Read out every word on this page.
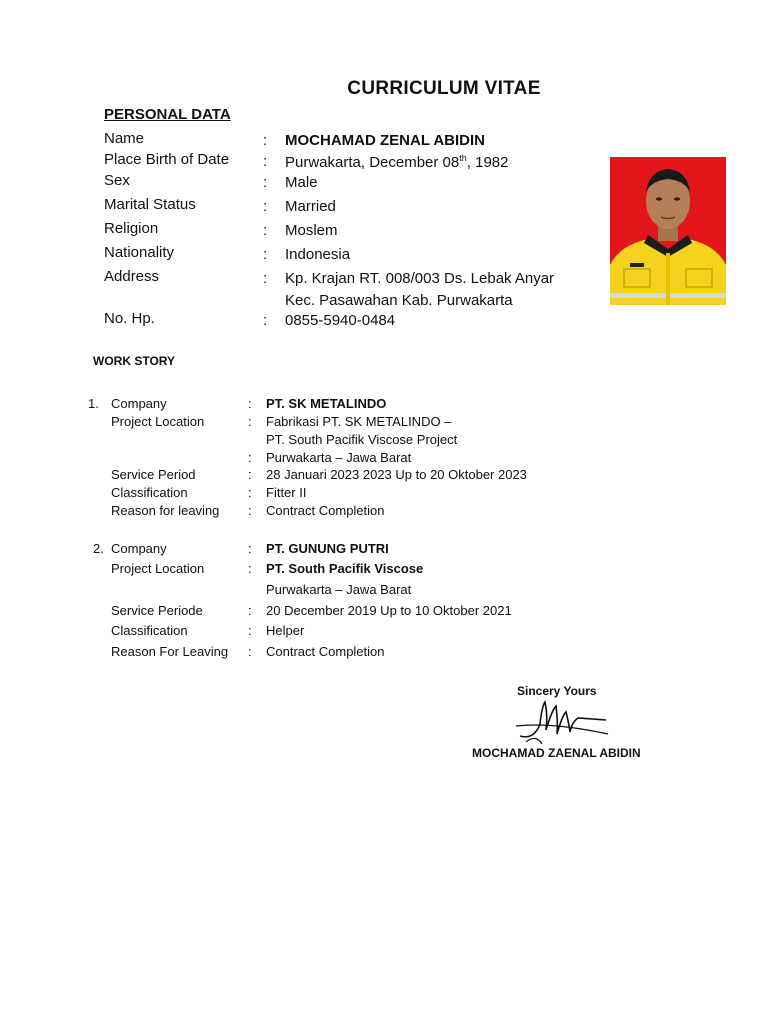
CURRICULUM VITAE
PERSONAL DATA
Name	: MOCHAMAD ZENAL ABIDIN
Place Birth of Date : Purwakarta, December 08th, 1982
Sex	: Male
Marital Status	: Married
Religion	: Moslem
Nationality	: Indonesia
Address	: Kp. Krajan RT. 008/003 Ds. Lebak Anyar
Kec. Pasawahan Kab. Purwakarta
No. Hp.	: 0855-5940-0484
WORK STORY
1. Company	: PT. SK METALINDO
Project Location	: Fabrikasi PT. SK METALINDO –
PT. South Pacifik Viscose Project
: Purwakarta – Jawa Barat
Service Period	: 28 Januari 2023 2023 Up to 20 Oktober 2023
Classification	: Fitter II
Reason for leaving : Contract Completion
2. Company	: PT. GUNUNG PUTRI
Project Location	: PT. South Pacifik Viscose
Purwakarta – Jawa Barat
Service Periode	: 20 December 2019 Up to 10 Oktober 2021
Classification	: Helper
Reason For Leaving : Contract Completion
Sincery Yours
MOCHAMAD ZAENAL ABIDIN
